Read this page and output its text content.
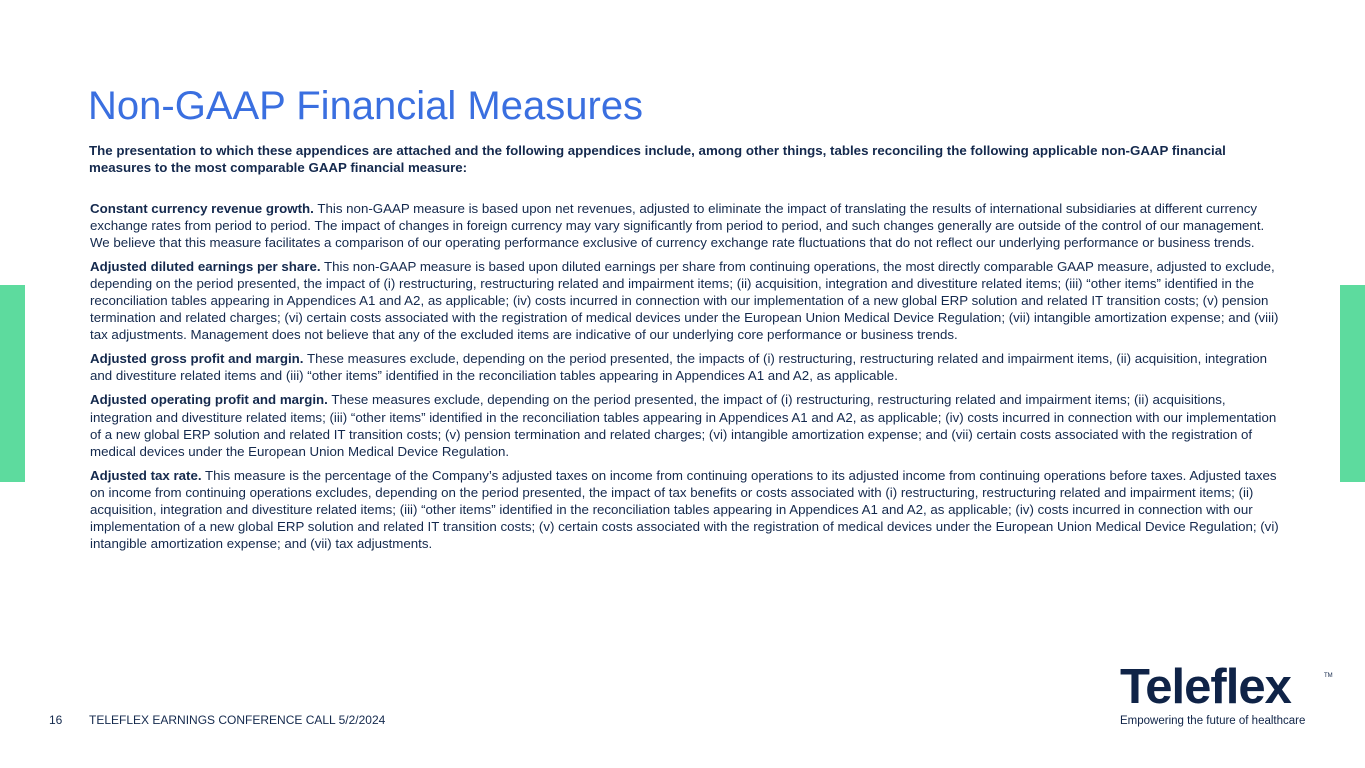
Non-GAAP Financial Measures
The presentation to which these appendices are attached and the following appendices include, among other things, tables reconciling the following applicable non-GAAP financial measures to the most comparable GAAP financial measure:

Constant currency revenue growth. This non-GAAP measure is based upon net revenues, adjusted to eliminate the impact of translating the results of international subsidiaries at different currency exchange rates from period to period. The impact of changes in foreign currency may vary significantly from period to period, and such changes generally are outside of the control of our management. We believe that this measure facilitates a comparison of our operating performance exclusive of currency exchange rate fluctuations that do not reflect our underlying performance or business trends.

Adjusted diluted earnings per share. This non-GAAP measure is based upon diluted earnings per share from continuing operations, the most directly comparable GAAP measure, adjusted to exclude, depending on the period presented, the impact of (i) restructuring, restructuring related and impairment items; (ii) acquisition, integration and divestiture related items; (iii) “other items” identified in the reconciliation tables appearing in Appendices A1 and A2, as applicable; (iv) costs incurred in connection with our implementation of a new global ERP solution and related IT transition costs; (v) pension termination and related charges; (vi) certain costs associated with the registration of medical devices under the European Union Medical Device Regulation; (vii) intangible amortization expense; and (viii) tax adjustments. Management does not believe that any of the excluded items are indicative of our underlying core performance or business trends.

Adjusted gross profit and margin. These measures exclude, depending on the period presented, the impacts of (i) restructuring, restructuring related and impairment items, (ii) acquisition, integration and divestiture related items and (iii) “other items” identified in the reconciliation tables appearing in Appendices A1 and A2, as applicable.

Adjusted operating profit and margin. These measures exclude, depending on the period presented, the impact of (i) restructuring, restructuring related and impairment items; (ii) acquisitions, integration and divestiture related items; (iii) “other items” identified in the reconciliation tables appearing in Appendices A1 and A2, as applicable; (iv) costs incurred in connection with our implementation of a new global ERP solution and related IT transition costs; (v) pension termination and related charges; (vi) intangible amortization expense; and (vii) certain costs associated with the registration of medical devices under the European Union Medical Device Regulation.

Adjusted tax rate. This measure is the percentage of the Company’s adjusted taxes on income from continuing operations to its adjusted income from continuing operations before taxes. Adjusted taxes on income from continuing operations excludes, depending on the period presented, the impact of tax benefits or costs associated with (i) restructuring, restructuring related and impairment items; (ii) acquisition, integration and divestiture related items; (iii) “other items” identified in the reconciliation tables appearing in Appendices A1 and A2, as applicable; (iv) costs incurred in connection with our implementation of a new global ERP solution and related IT transition costs; (v) certain costs associated with the registration of medical devices under the European Union Medical Device Regulation; (vi) intangible amortization expense; and (vii) tax adjustments.

16 TELEFLEX EARNINGS CONFERENCE CALL 5/2/2024
Teleflex	TM
Empowering the future of healthcare
